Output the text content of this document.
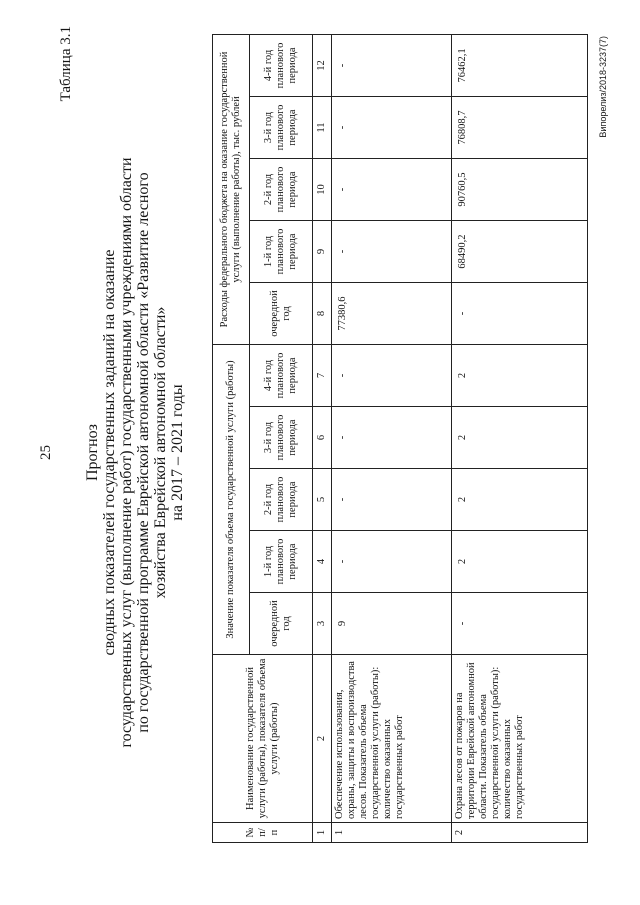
25
Таблица 3.1
Прогноз сводных показателей государственных заданий на оказание государственных услуг (выполнение работ) государственными учреждениями области по государственной программе Еврейской автономной области «Развитие лесного хозяйства Еврейской автономной области» на 2017 – 2021 годы
№ п/п	Наименование государственной услуги (работы), показателя объема услуги (работы)	Значение показателя объема государственной услуги (работы)					Расходы федерального бюджета на оказание государственной услуги (выполнение работы), тыс. рублей				
		очередной год	1-й год планового периода	2-й год планового периода	3-й год планового периода	4-й год планового периода	очередной год	1-й год планового периода	2-й год планового периода	3-й год планового периода	4-й год планового периода
1	2	3	4	5	6	7	8	9	10	11	12
1	Обеспечение использования, охраны, защиты и воспроизводства лесов. Показатель объема государственной услуги (работы): количество оказанных государственных работ	9	-	-	-	-	77380,6	-	-	-	-
2	Охрана лесов от пожаров на территории Еврейской автономной области. Показатель объема государственной услуги (работы): количество оказанных государственных работ	-	2	2	2	2	-	68490,2	90760,5	76808,7	76462,1	Випорелиз/2018-3237(7)
